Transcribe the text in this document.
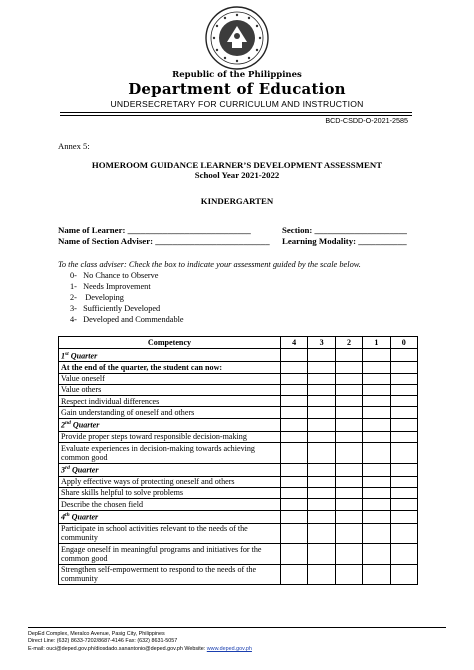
Republic of the Philippines
Department of Education
UNDERSECRETARY FOR CURRICULUM AND INSTRUCTION
BCD-CSDD-O-2021-2585
Annex 5:
HOMEROOM GUIDANCE LEARNER’S DEVELOPMENT ASSESSMENT
School Year 2021-2022
KINDERGARTEN
Name of Learner: ____________________________	Section: _____________________
Name of Section Adviser: __________________________ Learning Modality: ___________
To the class adviser: Check the box to indicate your assessment guided by the scale below.
0-   No Chance to Observe
1-   Needs Improvement
2-    Developing
3-   Sufficiently Developed
4-   Developed and Commendable
Competency	4	3	2	1	0
1st Quarter					
At the end of the quarter, the student can now:					
Value oneself					
Value others					
Respect individual differences					
Gain understanding of oneself and others					
2nd Quarter					
Provide proper steps toward responsible decision-making					
Evaluate experiences in decision-making towards achieving common good					
3rd Quarter					
Apply effective ways of protecting oneself and others					
Share skills helpful to solve problems					
Describe the chosen field					
4th Quarter					
Participate in school activities relevant to the needs of the community					
Engage oneself in meaningful programs and initiatives for the common good					
Strengthen self-empowerment to respond to the needs of the community					
DepEd Complex, Meralco Avenue, Pasig City, Philippines
Direct Line: (632) 8633-7202/8687-4146 Fax: (632) 8631-5057
E-mail: ouci@deped.gov.ph/diosdado.sanantonio@deped.gov.ph Website: www.deped.gov.ph
